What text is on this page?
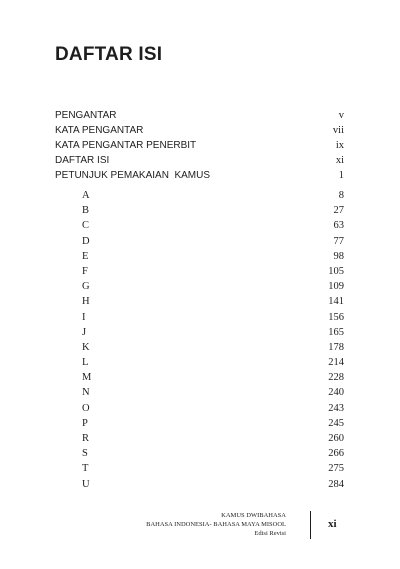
DAFTAR ISI
PENGANTAR	v
KATA PENGANTAR	vii
KATA PENGANTAR PENERBIT	ix
DAFTAR ISI	xi
PETUNJUK PEMAKAIAN  KAMUS	1
A	8
B	27
C	63
D	77
E	98
F	105
G	109
H	141
I	156
J	165
K	178
L	214
M	228
N	240
O	243
P	245
R	260
S	266
T	275
U	284
KAMUS DWIBAHASA
BAHASA INDONESIA- BAHASA MAYA MISOOL
Edisi Revisi
xi
